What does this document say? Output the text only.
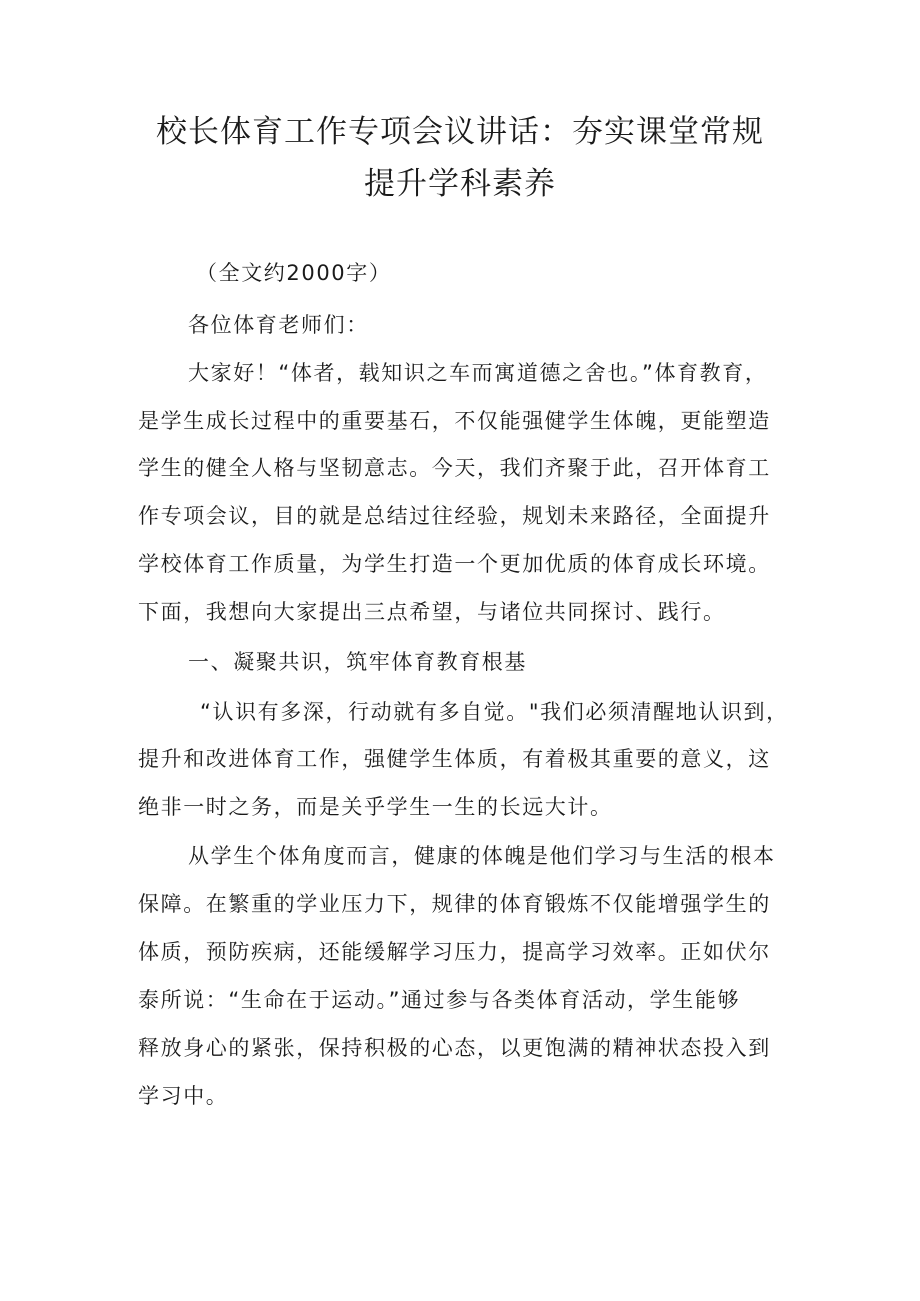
校长体育工作专项会议讲话：夯实课堂常规
提升学科素养
（全文约2000字）
各位体育老师们：
大家好！“体者，载知识之车而寓道德之舍也。”体育教育，
是学生成长过程中的重要基石，不仅能强健学生体魄，更能塑造
学生的健全人格与坚韧意志。今天，我们齐聚于此，召开体育工
作专项会议，目的就是总结过往经验，规划未来路径，全面提升
学校体育工作质量，为学生打造一个更加优质的体育成长环境。
下面，我想向大家提出三点希望，与诸位共同探讨、践行。
一、凝聚共识，筑牢体育教育根基
“认识有多深，行动就有多自觉。"我们必须清醒地认识到，
提升和改进体育工作，强健学生体质，有着极其重要的意义，这
绝非一时之务，而是关乎学生一生的长远大计。
从学生个体角度而言，健康的体魄是他们学习与生活的根本
保障。在繁重的学业压力下，规律的体育锻炼不仅能增强学生的
体质，预防疾病，还能缓解学习压力，提高学习效率。正如伏尔
泰所说：“生命在于运动。”通过参与各类体育活动，学生能够
释放身心的紧张，保持积极的心态，以更饱满的精神状态投入到
学习中。
